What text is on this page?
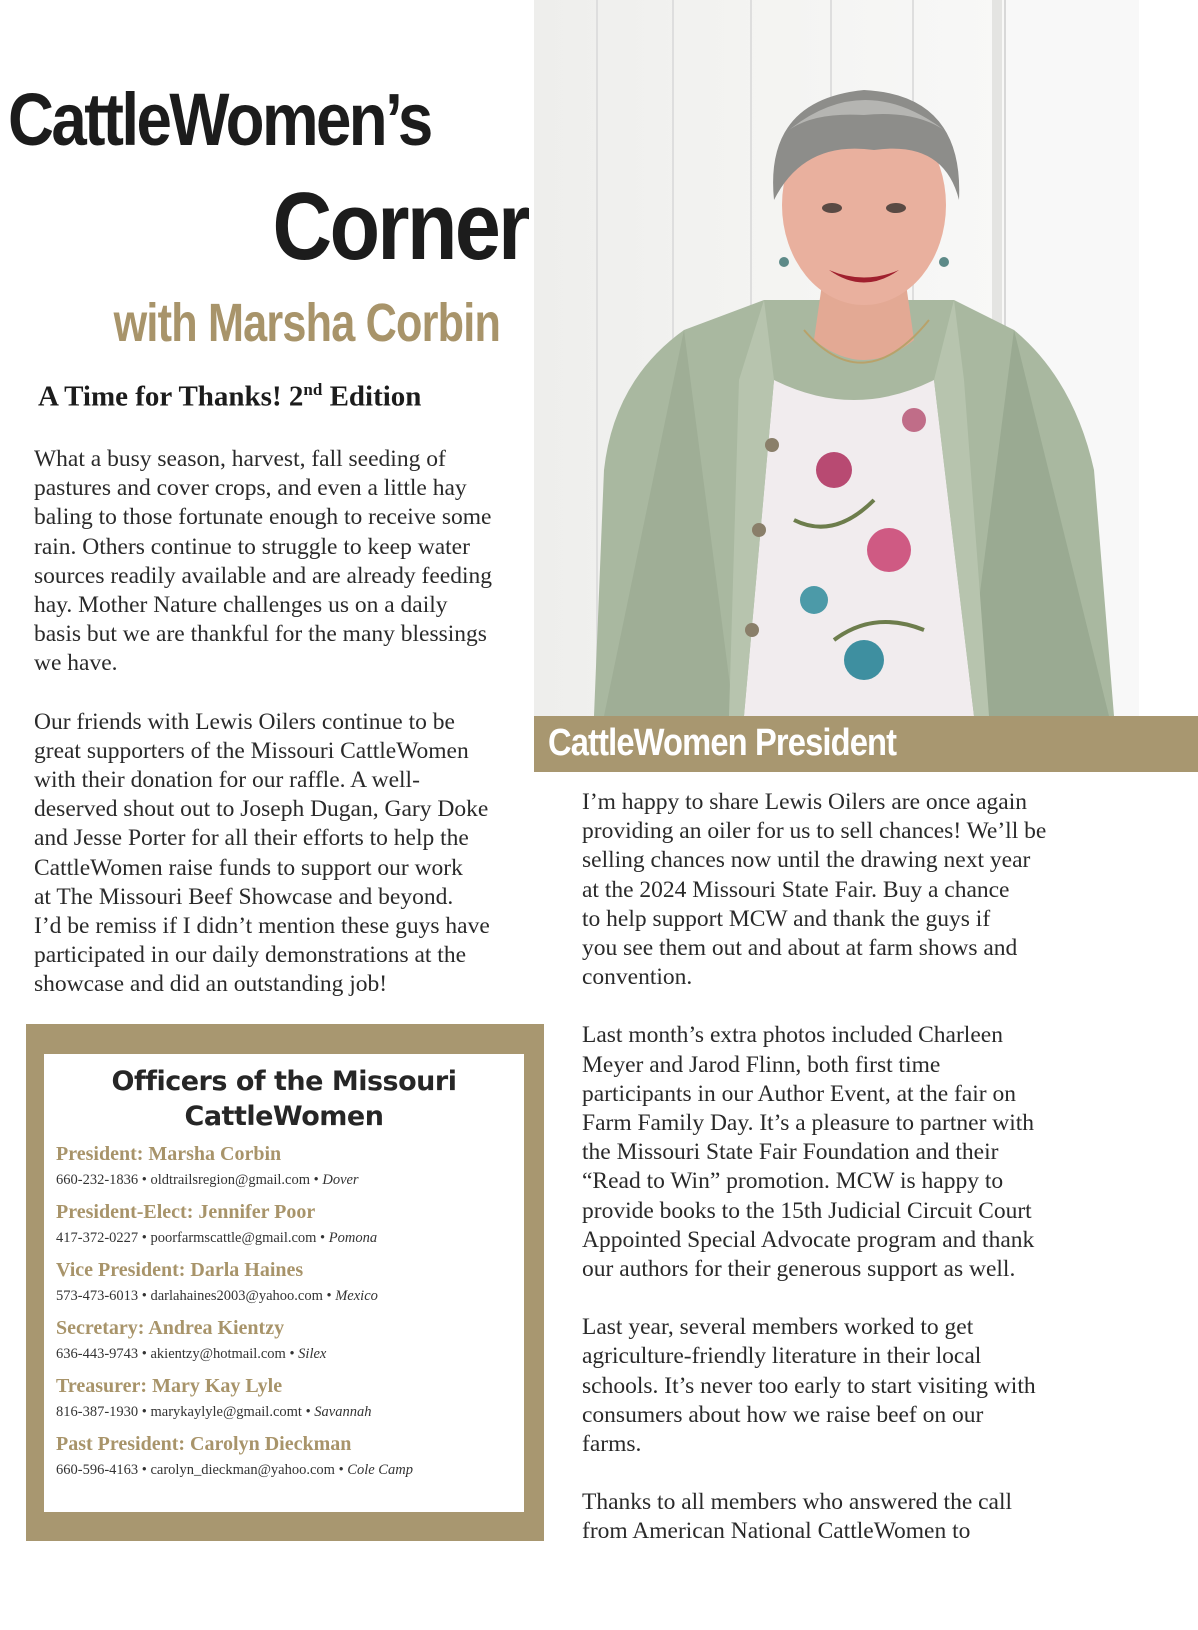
CattleWomen’s
Corner
with Marsha Corbin
A Time for Thanks! 2nd Edition

What a busy season, harvest, fall seeding of
pastures and cover crops, and even a little hay
baling to those fortunate enough to receive some
rain. Others continue to struggle to keep water
sources readily available and are already feeding
hay. Mother Nature challenges us on a daily
basis but we are thankful for the many blessings
we have.

Our friends with Lewis Oilers continue to be
great supporters of the Missouri CattleWomen
with their donation for our raffle. A well-
deserved shout out to Joseph Dugan, Gary Doke
and Jesse Porter for all their efforts to help the
CattleWomen raise funds to support our work
at The Missouri Beef Showcase and beyond.
I’d be remiss if I didn’t mention these guys have
participated in our daily demonstrations at the
showcase and did an outstanding job!

CattleWomen President

I’m happy to share Lewis Oilers are once again
providing an oiler for us to sell chances! We’ll be
selling chances now until the drawing next year
at the 2024 Missouri State Fair. Buy a chance
to help support MCW and thank the guys if
you see them out and about at farm shows and
convention.

Last month’s extra photos included Charleen
Meyer and Jarod Flinn, both first time
participants in our Author Event, at the fair on
Farm Family Day. It’s a pleasure to partner with
the Missouri State Fair Foundation and their
“Read to Win” promotion. MCW is happy to
provide books to the 15th Judicial Circuit Court
Appointed Special Advocate program and thank
our authors for their generous support as well.

Last year, several members worked to get
agriculture-friendly literature in their local
schools. It’s never too early to start visiting with
consumers about how we raise beef on our
farms.

Thanks to all members who answered the call
from American National CattleWomen to

Officers of the Missouri
CattleWomen
President: Marsha Corbin
660-232-1836 • oldtrailsregion@gmail.com • Dover
President-Elect: Jennifer Poor
417-372-0227 • poorfarmscattle@gmail.com • Pomona
Vice President: Darla Haines
573-473-6013 • darlahaines2003@yahoo.com • Mexico
Secretary: Andrea Kientzy
636-443-9743 • akientzy@hotmail.com • Silex
Treasurer: Mary Kay Lyle
816-387-1930 • marykaylyle@gmail.comt • Savannah
Past President: Carolyn Dieckman
660-596-4163 • carolyn_dieckman@yahoo.com • Cole Camp
